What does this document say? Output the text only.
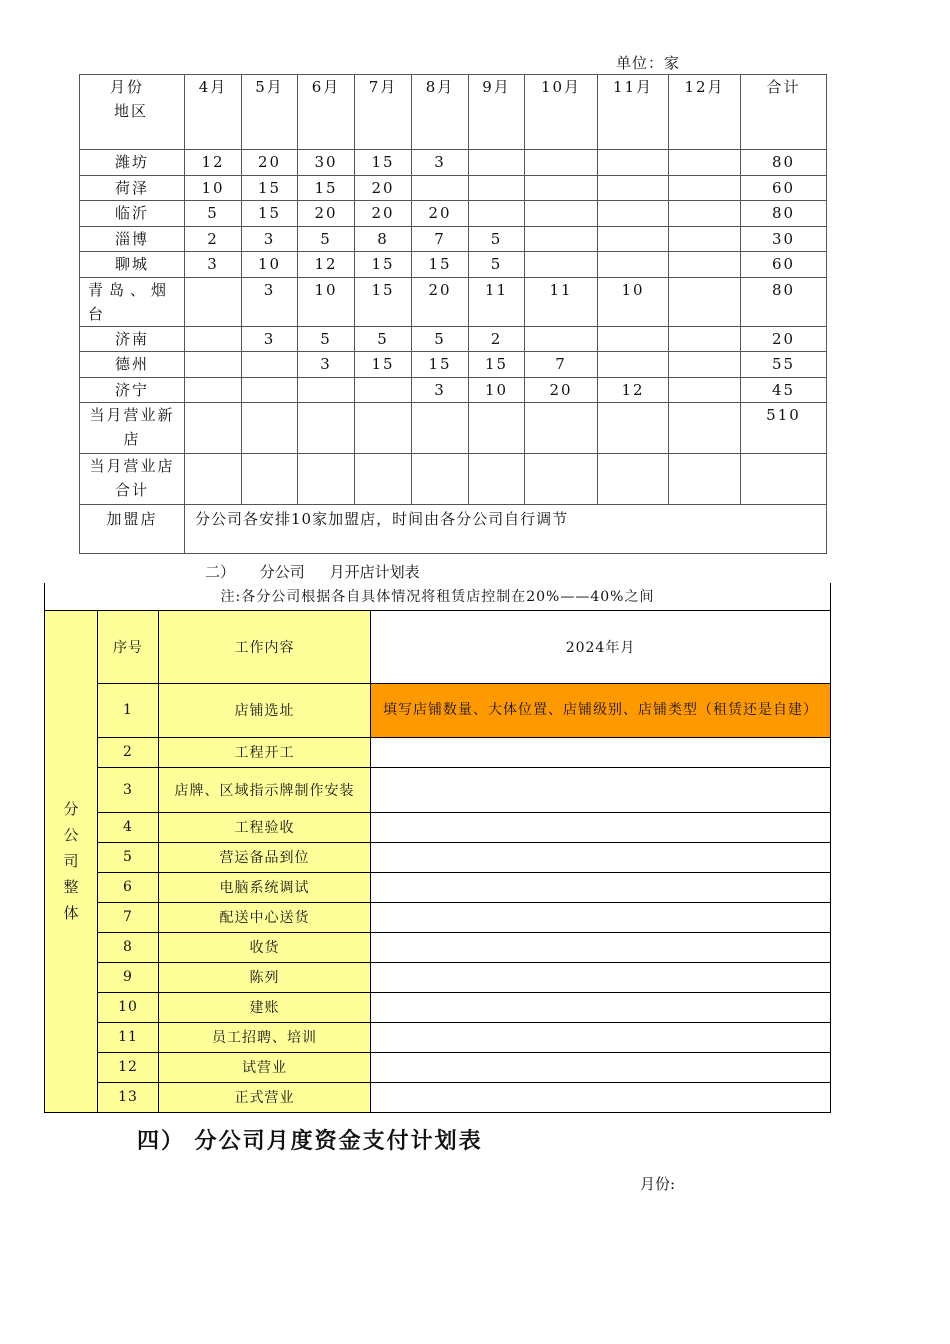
单位：家
月份
地区	4月	5月	6月	7月	8月	9月	10月	11月	12月	合计
潍坊	12	20	30	15	3					80
荷泽	10	15	15	20						60
临沂	5	15	20	20	20					80
淄博	2	3	5	8	7	5				30
聊城	3	10	12	15	15	5				60
青岛、烟台		3	10	15	20	11	11	10		80
济南		3	5	5	5	2				20
德州			3	15	15	15	7			55
济宁					3	10	20	12		45
当月营业新店										510
当月营业店合计										
加盟店	分公司各安排10家加盟店，时间由各分公司自行调节									
二） 分公司 月开店计划表
注:各分公司根据各自具体情况将租赁店控制在20%——40%之间			

分公司整体	序号	工作内容	2024年月
	1	店铺选址	填写店铺数量、大体位置、店铺级别、店铺类型（租赁还是自建）
	2	工程开工	
	3	店牌、区域指示牌制作安装	
	4	工程验收	
	5	营运备品到位	
	6	电脑系统调试	
	7	配送中心送货	
	8	收货	
	9	陈列	
	10	建账	
	11	员工招聘、培训	
	12	试营业	
	13	正式营业	
四） 分公司月度资金支付计划表
月份:
